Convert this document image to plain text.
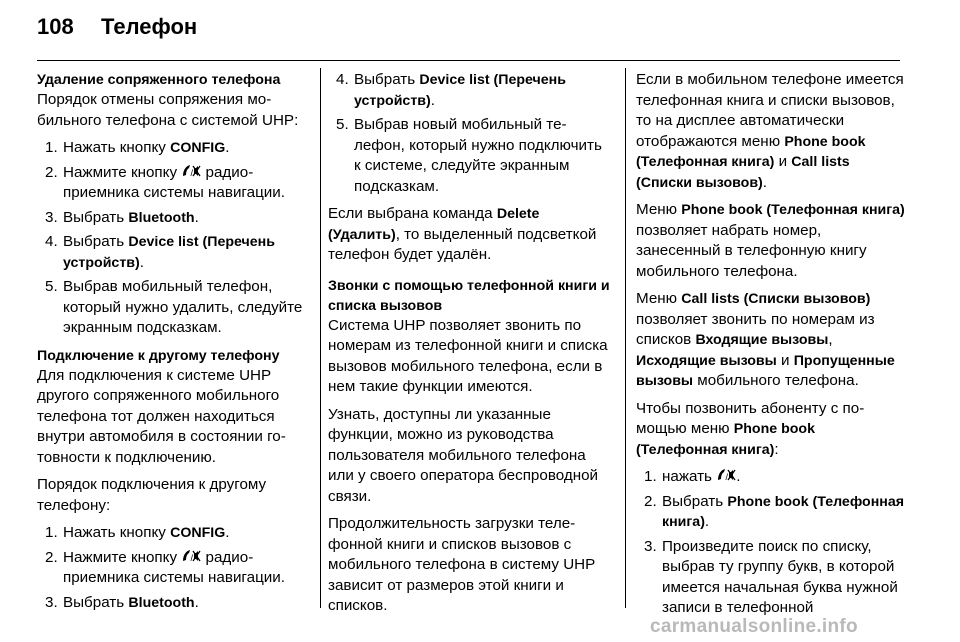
108	Телефон
Удаление сопряженного телефона

Порядок отмены сопряжения мобильного телефона с системой UHP:

1. Нажать кнопку CONFIG.
2. Нажмите кнопку / радиоприемника системы навигации.
3. Выбрать Bluetooth.
4. Выбрать Device list (Перечень устройств).
5. Выбрав мобильный телефон, который нужно удалить, следуйте экранным подсказкам.
Подключение к другому телефону

Для подключения к системе UHP другого сопряженного мобильного телефона тот должен находиться внутри автомобиля в состоянии готовности к подключению.

Порядок подключения к другому телефону:

1. Нажать кнопку CONFIG.
2. Нажмите кнопку / радиоприемника системы навигации.
3. Выбрать Bluetooth.
4. Выбрать Device list (Перечень устройств).
5. Выбрав новый мобильный телефон, который нужно подключить к системе, следуйте экранным подсказкам.

Если выбрана команда Delete (Удалить), то выделенный подсветкой телефон будет удалён.

Звонки с помощью телефонной книги и списка вызовов

Система UHP позволяет звонить по номерам из телефонной книги и списка вызовов мобильного телефона, если в нем такие функции имеются.

Узнать, доступны ли указанные функции, можно из руководства пользователя мобильного телефона или у своего оператора беспроводной связи.

Продолжительность загрузки телефонной книги и списков вызовов с мобильного телефона в систему UHP зависит от размеров этой книги и списков.

Если в мобильном телефоне имеется телефонная книга и списки вызовов, то на дисплее автоматически отображаются меню Phone book (Телефонная книга) и Call lists (Списки вызовов).

Меню Phone book (Телефонная книга) позволяет набрать номер, занесенный в телефонную книгу мобильного телефона.

Меню Call lists (Списки вызовов) позволяет звонить по номерам из списков Входящие вызовы, Исходящие вызовы и Пропущенные вызовы мобильного телефона.

Чтобы позвонить абоненту с помощью меню Phone book (Телефонная книга):

1. нажать / .
2. Выбрать Phone book (Телефонная книга).
3. Произведите поиск по списку, выбрав ту группу букв, в которой имеется начальная буква нужной записи в телефонной
carmanualsonline.info
